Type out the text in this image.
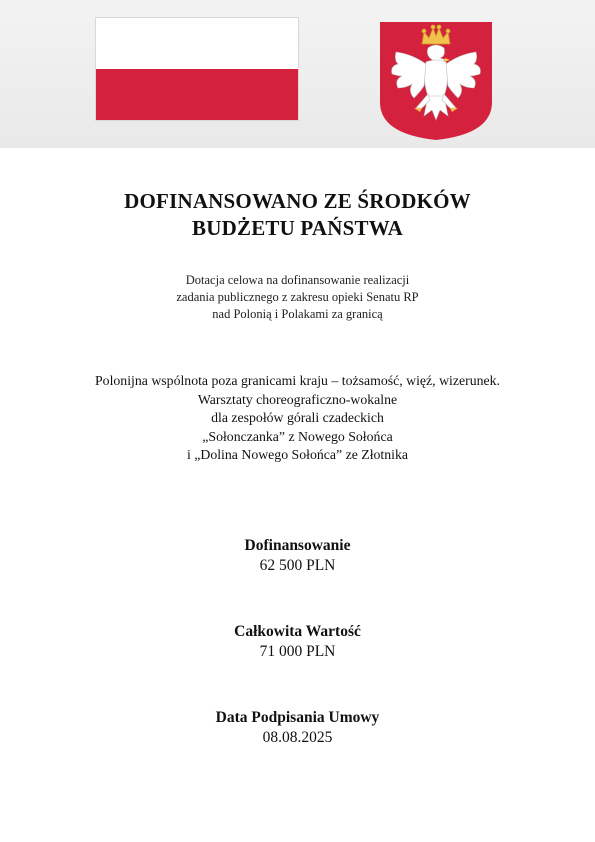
DOFINANSOWANO ZE ŚRODKÓW
BUDŻETU PAŃSTWA
Dotacja celowa na dofinansowanie realizacji
zadania publicznego z zakresu opieki Senatu RP
nad Polonią i Polakami za granicą
Polonijna wspólnota poza granicami kraju – tożsamość, więź, wizerunek.
Warsztaty choreograficzno-wokalne
dla zespołów górali czadeckich
„Sołonczanka” z Nowego Sołońca
i „Dolina Nowego Sołońca” ze Złotnika
Dofinansowanie
62 500 PLN
Całkowita Wartość
71 000 PLN
Data Podpisania Umowy
08.08.2025
